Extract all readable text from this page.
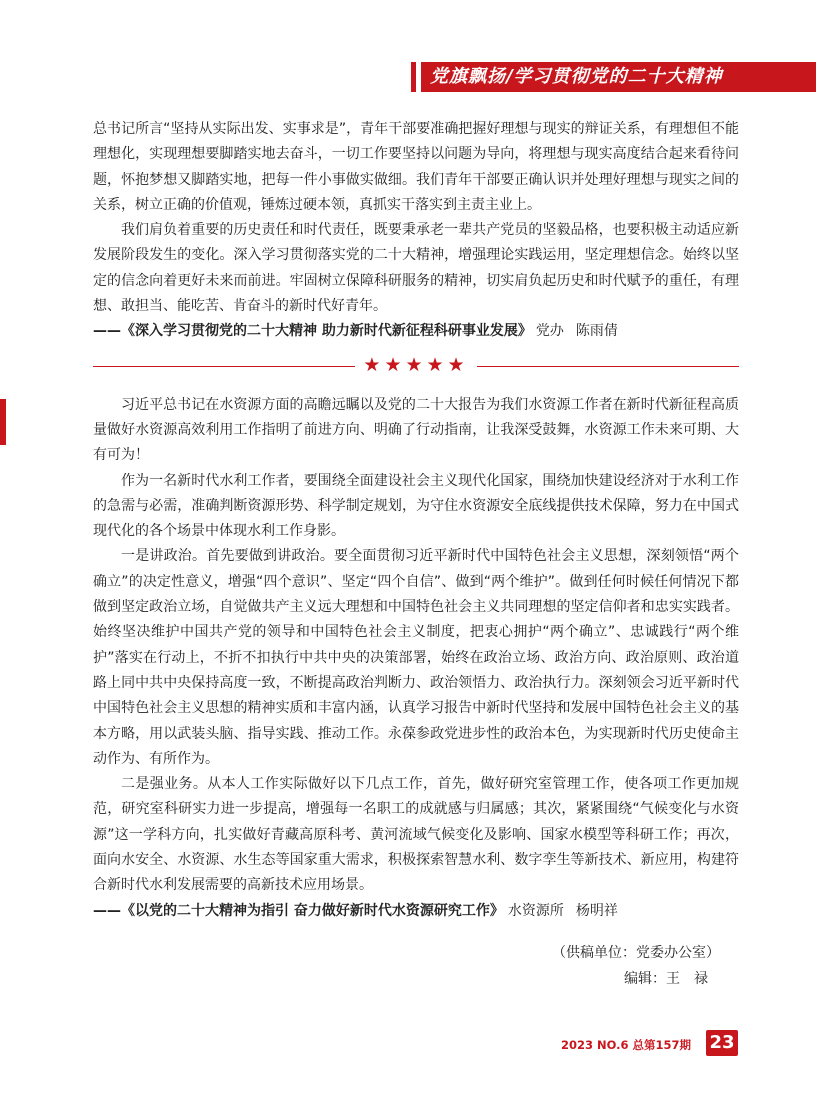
党旗飘扬/学习贯彻党的二十大精神

总书记所言“坚持从实际出发、实事求是”，青年干部要准确把握好理想与现实的辩证关系，有理想但不能理想化，实现理想要脚踏实地去奋斗，一切工作要坚持以问题为导向，将理想与现实高度结合起来看待问题，怀抱梦想又脚踏实地，把每一件小事做实做细。我们青年干部要正确认识并处理好理想与现实之间的关系，树立正确的价值观，锤炼过硬本领，真抓实干落实到主责主业上。

我们肩负着重要的历史责任和时代责任，既要秉承老一辈共产党员的坚毅品格，也要积极主动适应新发展阶段发生的变化。深入学习贯彻落实党的二十大精神，增强理论实践运用，坚定理想信念。始终以坚定的信念向着更好未来而前进。牢固树立保障科研服务的精神，切实肩负起历史和时代赋予的重任，有理想、敢担当、能吃苦、肯奋斗的新时代好青年。

——《深入学习贯彻党的二十大精神 助力新时代新征程科研事业发展》 党办 陈雨倩

★★★★★

习近平总书记在水资源方面的高瞻远瞩以及党的二十大报告为我们水资源工作者在新时代新征程高质量做好水资源高效利用工作指明了前进方向、明确了行动指南，让我深受鼓舞，水资源工作未来可期、大有可为！

作为一名新时代水利工作者，要围绕全面建设社会主义现代化国家，围绕加快建设经济对于水利工作的急需与必需，准确判断资源形势、科学制定规划，为守住水资源安全底线提供技术保障，努力在中国式现代化的各个场景中体现水利工作身影。

一是讲政治。首先要做到讲政治。要全面贯彻习近平新时代中国特色社会主义思想，深刻领悟“两个确立”的决定性意义，增强“四个意识”、坚定“四个自信”、做到“两个维护”。做到任何时候任何情况下都做到坚定政治立场，自觉做共产主义远大理想和中国特色社会主义共同理想的坚定信仰者和忠实实践者。始终坚决维护中国共产党的领导和中国特色社会主义制度，把衷心拥护“两个确立”、忠诚践行“两个维护”落实在行动上，不折不扣执行中共中央的决策部署，始终在政治立场、政治方向、政治原则、政治道路上同中共中央保持高度一致，不断提高政治判断力、政治领悟力、政治执行力。深刻领会习近平新时代中国特色社会主义思想的精神实质和丰富内涵，认真学习报告中新时代坚持和发展中国特色社会主义的基本方略，用以武装头脑、指导实践、推动工作。永葆参政党进步性的政治本色，为实现新时代历史使命主动作为、有所作为。

二是强业务。从本人工作实际做好以下几点工作，首先，做好研究室管理工作，使各项工作更加规范，研究室科研实力进一步提高，增强每一名职工的成就感与归属感；其次，紧紧围绕“气候变化与水资源”这一学科方向，扎实做好青藏高原科考、黄河流域气候变化及影响、国家水模型等科研工作；再次，面向水安全、水资源、水生态等国家重大需求，积极探索智慧水利、数字孪生等新技术、新应用，构建符合新时代水利发展需要的高新技术应用场景。

——《以党的二十大精神为指引 奋力做好新时代水资源研究工作》 水资源所 杨明祥

（供稿单位：党委办公室）

编辑：王　禄

2023 NO.6 总第157期 23
